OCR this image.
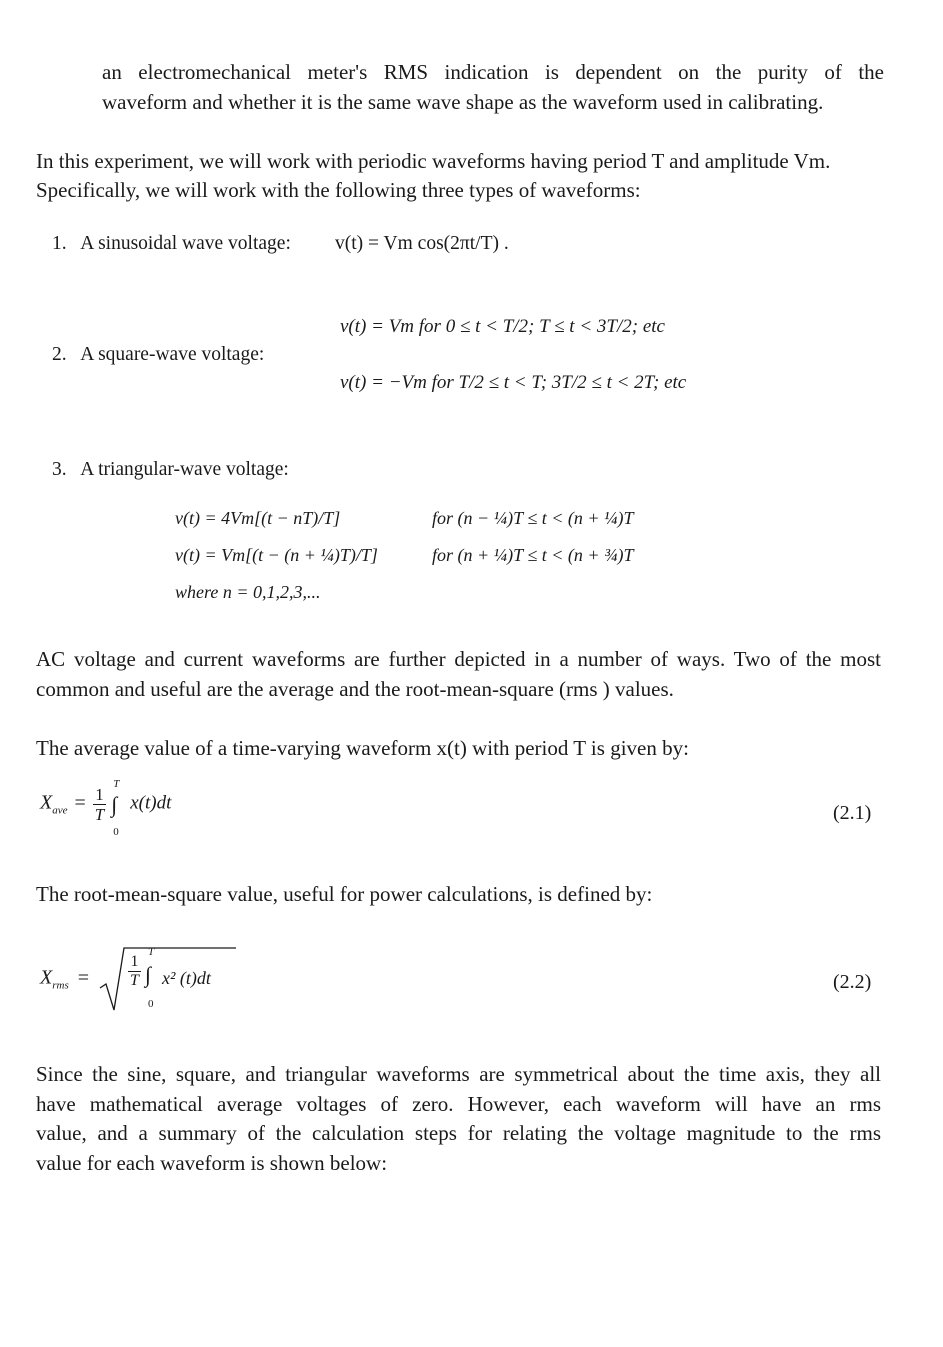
an electromechanical meter's RMS indication is dependent on the purity of the
waveform and whether it is the same wave shape as the waveform used in calibrating.
In this experiment, we will work with periodic waveforms having period T and amplitude Vm.
Specifically, we will work with the following three types of waveforms:
1. A sinusoidal wave voltage: v(t) = Vm cos(2πt/T) .
2. A square-wave voltage:
v(t) = Vm for 0 ≤ t < T/2; T ≤ t < 3T/2; etc
v(t) = −Vm for T/2 ≤ t < T; 3T/2 ≤ t < 2T; etc
3. A triangular-wave voltage:
v(t) = 4Vm[(t − nT)/T]	for (n − ¼)T ≤ t < (n + ¼)T
v(t) = Vm[(t − (n + ¼)T)/T]	for (n + ¼)T ≤ t < (n + ¾)T
where n = 0,1,2,3,...
AC voltage and current waveforms are further depicted in a number of ways. Two of the most
common and useful are the average and the root-mean-square (rms ) values.
The average value of a time-varying waveform x(t) with period T is given by:
$X_{ave} = \frac{1}{T}$

T
∫
0
x(t)dt	(2.1)
The root-mean-square value, useful for power calculations, is defined by:
$X_{rms} = \frac{1}{T}$
T
∫
0
x² (t)dt	(2.2)
Since the sine, square, and triangular waveforms are symmetrical about the time axis, they all
have mathematical average voltages of zero. However, each waveform will have an rms
value, and a summary of the calculation steps for relating the voltage magnitude to the rms
value for each waveform is shown below:
